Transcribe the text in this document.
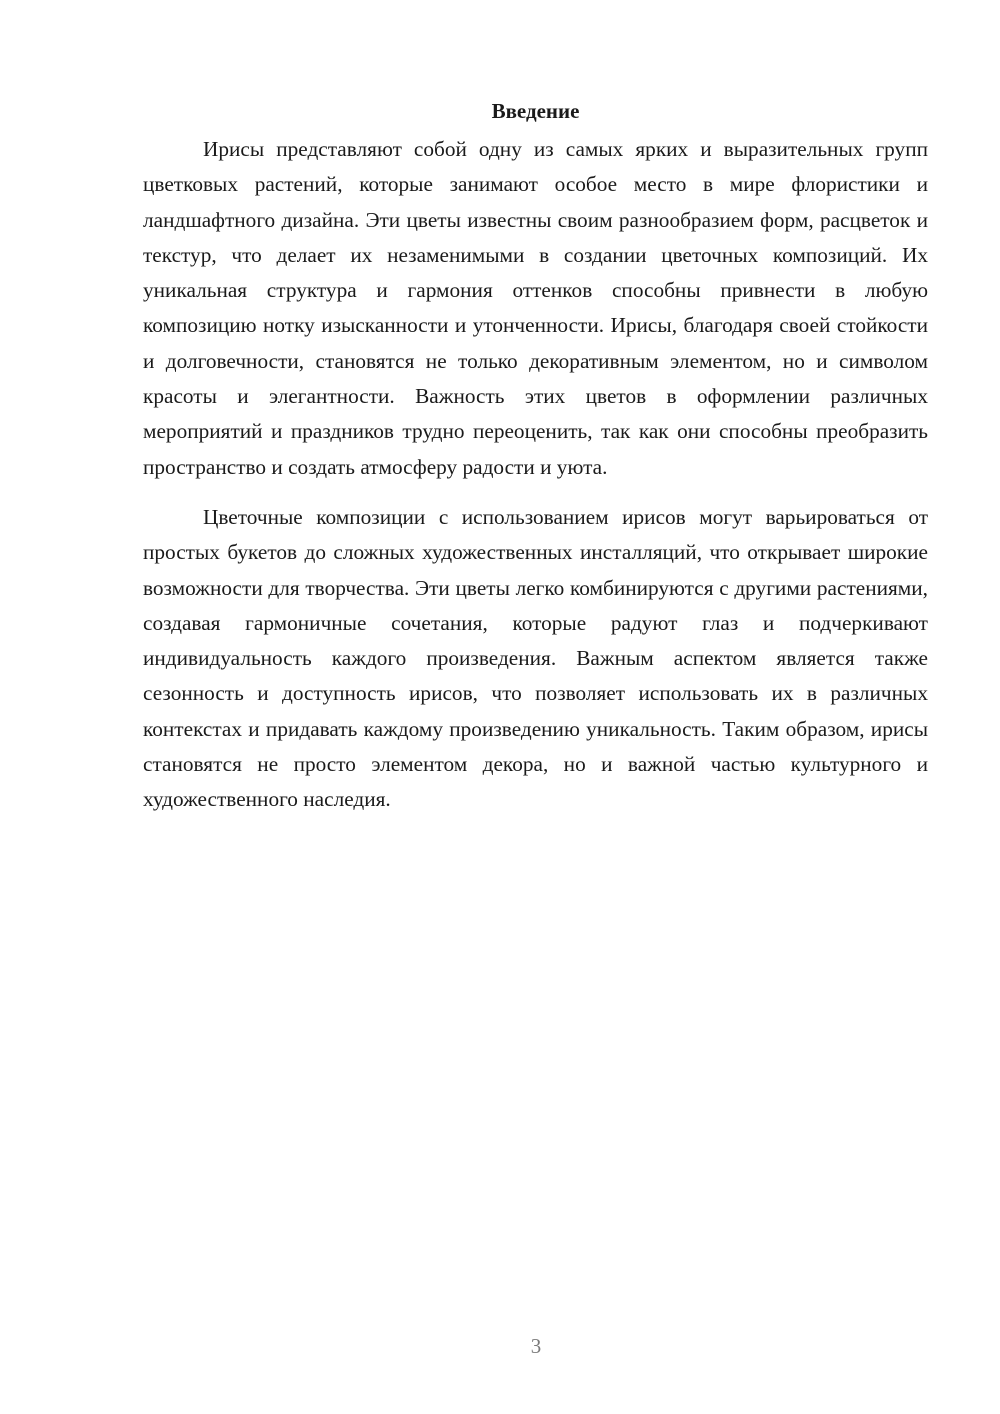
Введение

Ирисы представляют собой одну из самых ярких и выразительных групп цветковых растений, которые занимают особое место в мире флористики и ландшафтного дизайна. Эти цветы известны своим разнообразием форм, расцветок и текстур, что делает их незаменимыми в создании цветочных композиций. Их уникальная структура и гармония оттенков способны привнести в любую композицию нотку изысканности и утонченности. Ирисы, благодаря своей стойкости и долговечности, становятся не только декоративным элементом, но и символом красоты и элегантности. Важность этих цветов в оформлении различных мероприятий и праздников трудно переоценить, так как они способны преобразить пространство и создать атмосферу радости и уюта.

Цветочные композиции с использованием ирисов могут варьироваться от простых букетов до сложных художественных инсталляций, что открывает широкие возможности для творчества. Эти цветы легко комбинируются с другими растениями, создавая гармоничные сочетания, которые радуют глаз и подчеркивают индивидуальность каждого произведения. Важным аспектом является также сезонность и доступность ирисов, что позволяет использовать их в различных контекстах и придавать каждому произведению уникальность. Таким образом, ирисы становятся не просто элементом декора, но и важной частью культурного и художественного наследия.

3
